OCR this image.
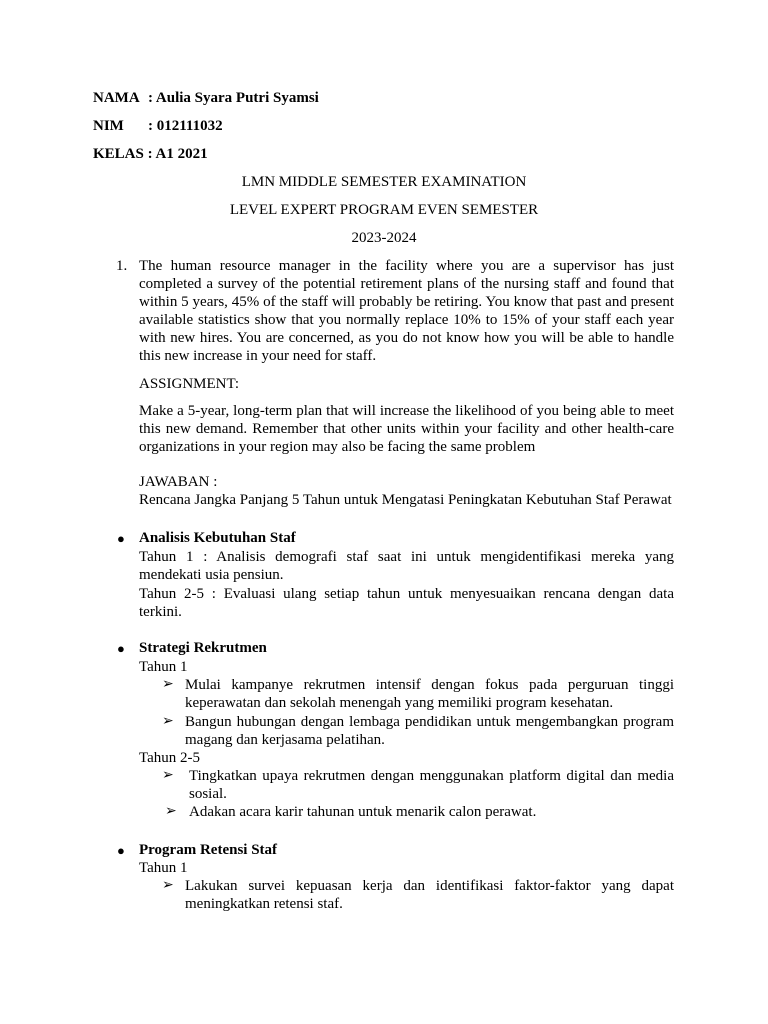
NAMA : Aulia Syara Putri Syamsi
NIM : 012111032
KELAS : A1 2021
LMN MIDDLE SEMESTER EXAMINATION
LEVEL EXPERT PROGRAM EVEN SEMESTER
2023-2024
1. The human resource manager in the facility where you are a supervisor has just completed a survey of the potential retirement plans of the nursing staff and found that within 5 years, 45% of the staff will probably be retiring. You know that past and present available statistics show that you normally replace 10% to 15% of your staff each year with new hires. You are concerned, as you do not know how you will be able to handle this new increase in your need for staff.
ASSIGNMENT:
Make a 5-year, long-term plan that will increase the likelihood of you being able to meet this new demand. Remember that other units within your facility and other health-care organizations in your region may also be facing the same problem
JAWABAN :
Rencana Jangka Panjang 5 Tahun untuk Mengatasi Peningkatan Kebutuhan Staf Perawat
● Analisis Kebutuhan Staf
Tahun 1 : Analisis demografi staf saat ini untuk mengidentifikasi mereka yang mendekati usia pensiun.
Tahun 2-5 : Evaluasi ulang setiap tahun untuk menyesuaikan rencana dengan data terkini.
● Strategi Rekrutmen
Tahun 1
➢ Mulai kampanye rekrutmen intensif dengan fokus pada perguruan tinggi keperawatan dan sekolah menengah yang memiliki program kesehatan.
➢ Bangun hubungan dengan lembaga pendidikan untuk mengembangkan program magang dan kerjasama pelatihan.
Tahun 2-5
➢ Tingkatkan upaya rekrutmen dengan menggunakan platform digital dan media sosial.
➢ Adakan acara karir tahunan untuk menarik calon perawat.
● Program Retensi Staf
Tahun 1
➢ Lakukan survei kepuasan kerja dan identifikasi faktor-faktor yang dapat meningkatkan retensi staf.
